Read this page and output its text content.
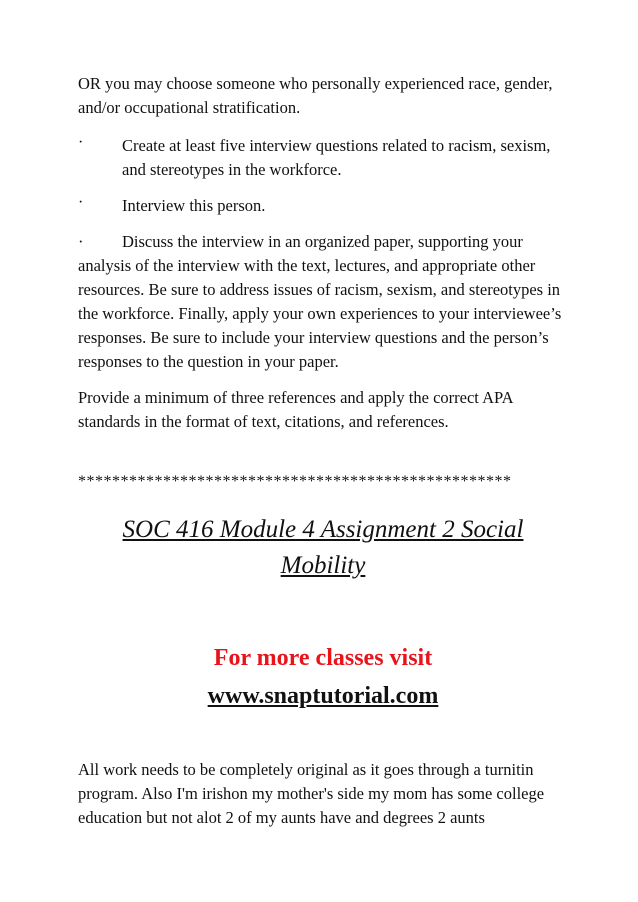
OR you may choose someone who personally experienced race, gender, and/or occupational stratification.

·	Create at least five interview questions related to racism, sexism, and stereotypes in the workforce.

·	Interview this person.

· Discuss the interview in an organized paper, supporting your analysis of the interview with the text, lectures, and appropriate other resources. Be sure to address issues of racism, sexism, and stereotypes in the workforce. Finally, apply your own experiences to your interviewee’s responses. Be sure to include your interview questions and the person’s responses to the question in your paper.

Provide a minimum of three references and apply the correct APA standards in the format of text, citations, and references.

***************************************************

SOC 416 Module 4 Assignment 2 Social Mobility

For more classes visit

www.snaptutorial.com

All work needs to be completely original as it goes through a turnitin program. Also I'm irishon my mother's side my mom has some college education but not alot 2 of my aunts have and degrees 2 aunts
